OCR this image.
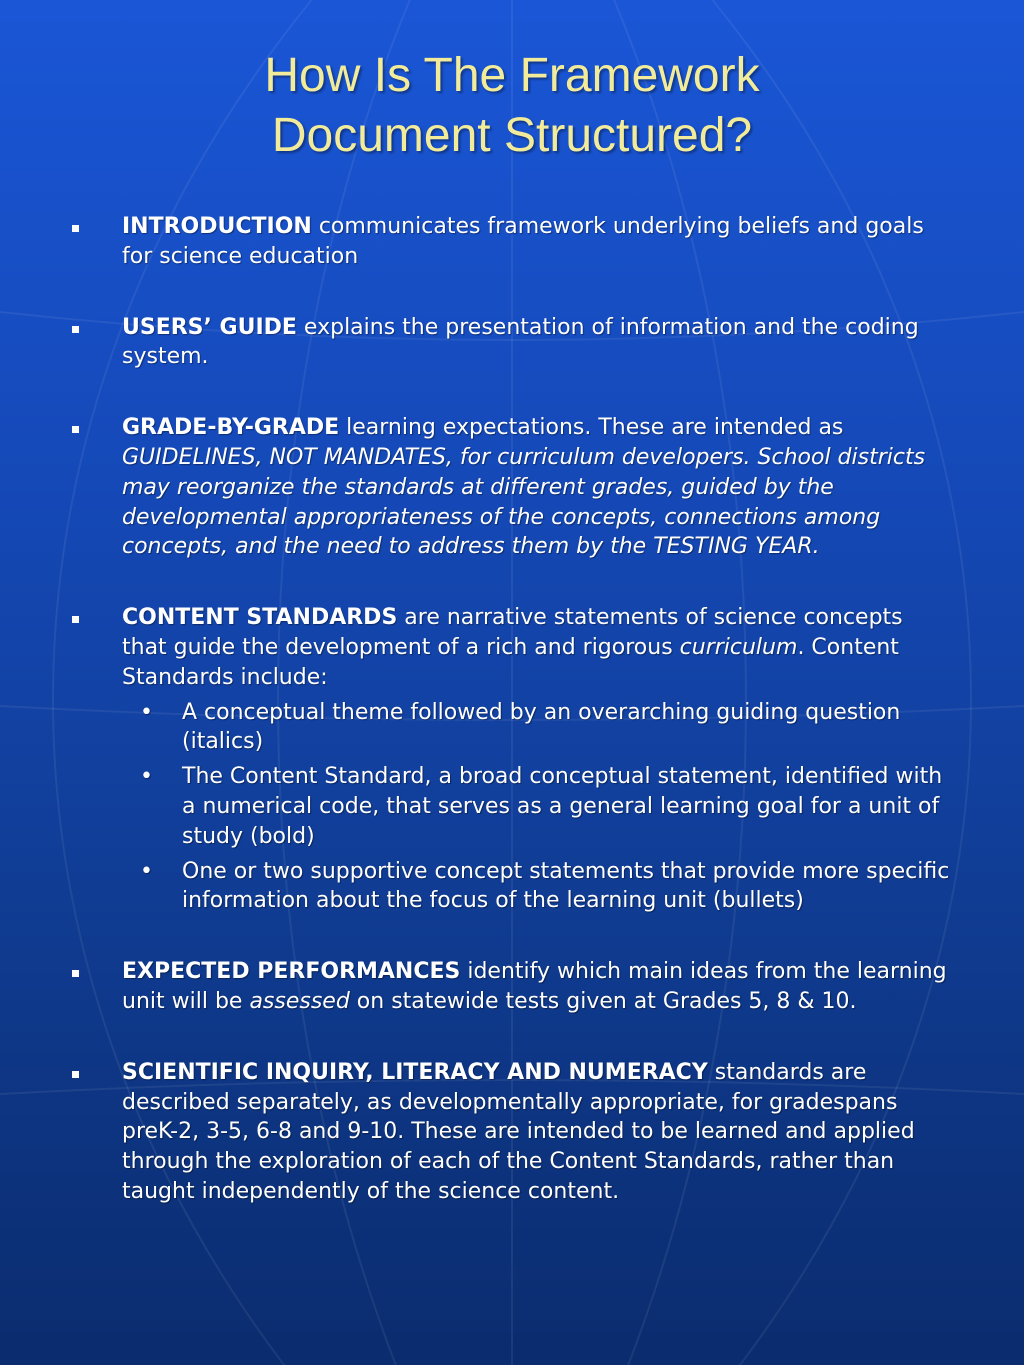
How Is The Framework
Document Structured?
INTRODUCTION communicates framework underlying beliefs and goals for science education
USERS’ GUIDE explains the presentation of information and the coding system.
GRADE-BY-GRADE learning expectations. These are intended as GUIDELINES, NOT MANDATES, for curriculum developers. School districts may reorganize the standards at different grades, guided by the developmental appropriateness of the concepts, connections among concepts, and the need to address them by the TESTING YEAR.
CONTENT STANDARDS are narrative statements of science concepts that guide the development of a rich and rigorous curriculum. Content Standards include:
• A conceptual theme followed by an overarching guiding question (italics)
• The Content Standard, a broad conceptual statement, identified with a numerical code, that serves as a general learning goal for a unit of study (bold)
• One or two supportive concept statements that provide more specific information about the focus of the learning unit (bullets)
EXPECTED PERFORMANCES identify which main ideas from the learning unit will be assessed on statewide tests given at Grades 5, 8 & 10.
SCIENTIFIC INQUIRY, LITERACY AND NUMERACY standards are described separately, as developmentally appropriate, for gradespans preK-2, 3-5, 6-8 and 9-10. These are intended to be learned and applied through the exploration of each of the Content Standards, rather than taught independently of the science content.
